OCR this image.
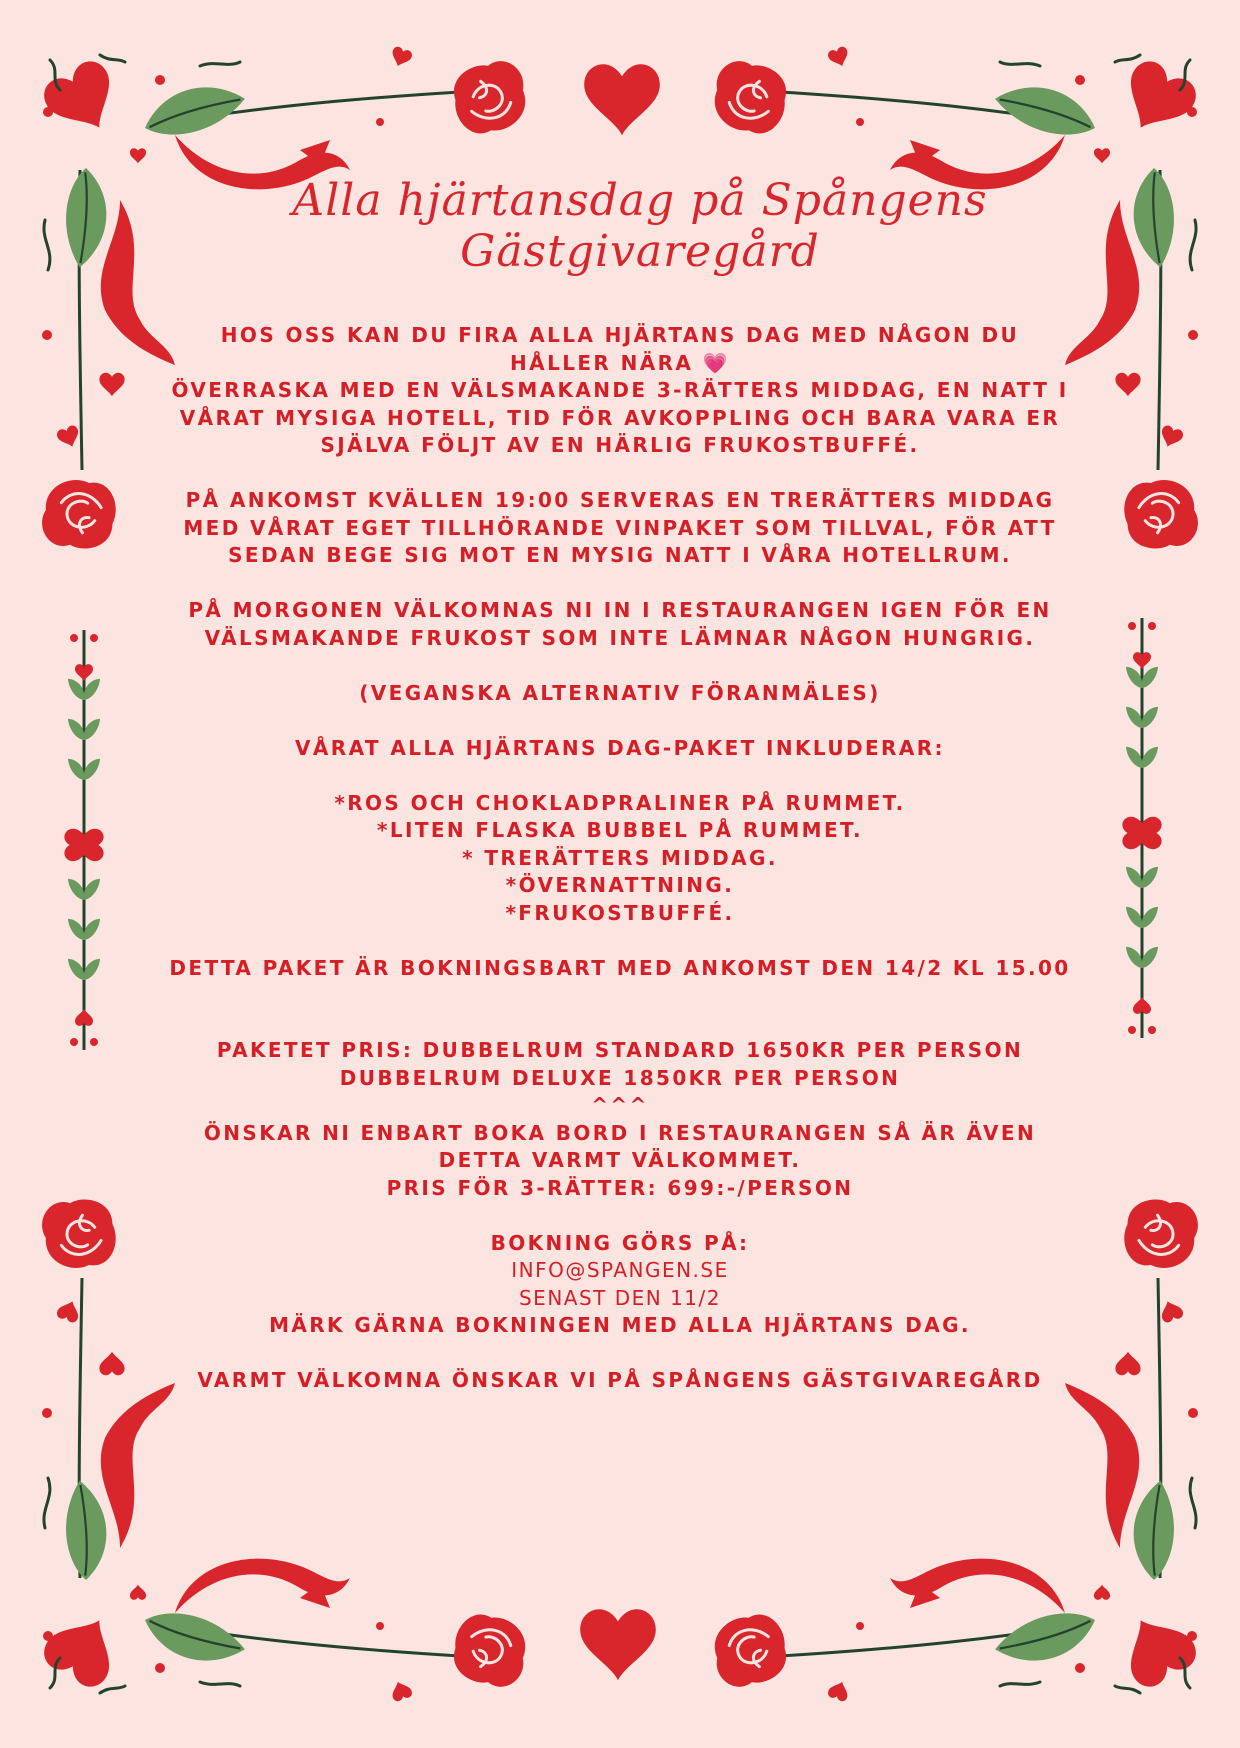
Alla hjärtansdag på Spångens Gästgivaregård

HOS OSS KAN DU FIRA ALLA HJÄRTANS DAG MED NÅGON DU

HÅLLER NÄRA 💗

ÖVERRASKA MED EN VÄLSMAKANDE 3-RÄTTERS MIDDAG, EN NATT I

VÅRAT MYSIGA HOTELL, TID FÖR AVKOPPLING OCH BARA VARA ER

SJÄLVA FÖLJT AV EN HÄRLIG FRUKOSTBUFFÉ.

PÅ ANKOMST KVÄLLEN 19:00 SERVERAS EN TRERÄTTERS MIDDAG

MED VÅRAT EGET TILLHÖRANDE VINPAKET SOM TILLVAL, FÖR ATT

SEDAN BEGE SIG MOT EN MYSIG NATT I VÅRA HOTELLRUM.

PÅ MORGONEN VÄLKOMNAS NI IN I RESTAURANGEN IGEN FÖR EN

VÄLSMAKANDE FRUKOST SOM INTE LÄMNAR NÅGON HUNGRIG.

(VEGANSKA ALTERNATIV FÖRANMÄLES)

VÅRAT ALLA HJÄRTANS DAG-PAKET INKLUDERAR:

*ROS OCH CHOKLADPRALINER PÅ RUMMET.

*LITEN FLASKA BUBBEL PÅ RUMMET.

* TRERÄTTERS MIDDAG.

*ÖVERNATTNING.

*FRUKOSTBUFFÉ.

DETTA PAKET ÄR BOKNINGSBART MED ANKOMST DEN 14/2 KL 15.00

PAKETET PRIS: DUBBELRUM STANDARD 1650KR PER PERSON

DUBBELRUM DELUXE 1850KR PER PERSON

^^^

ÖNSKAR NI ENBART BOKA BORD I RESTAURANGEN SÅ ÄR ÄVEN

DETTA VARMT VÄLKOMMET.

PRIS FÖR 3-RÄTTER: 699:-/PERSON

BOKNING GÖRS PÅ:

INFO@SPANGEN.SE

SENAST DEN 11/2

MÄRK GÄRNA BOKNINGEN MED ALLA HJÄRTANS DAG.

VARMT VÄLKOMNA ÖNSKAR VI PÅ SPÅNGENS GÄSTGIVAREGÅRD
